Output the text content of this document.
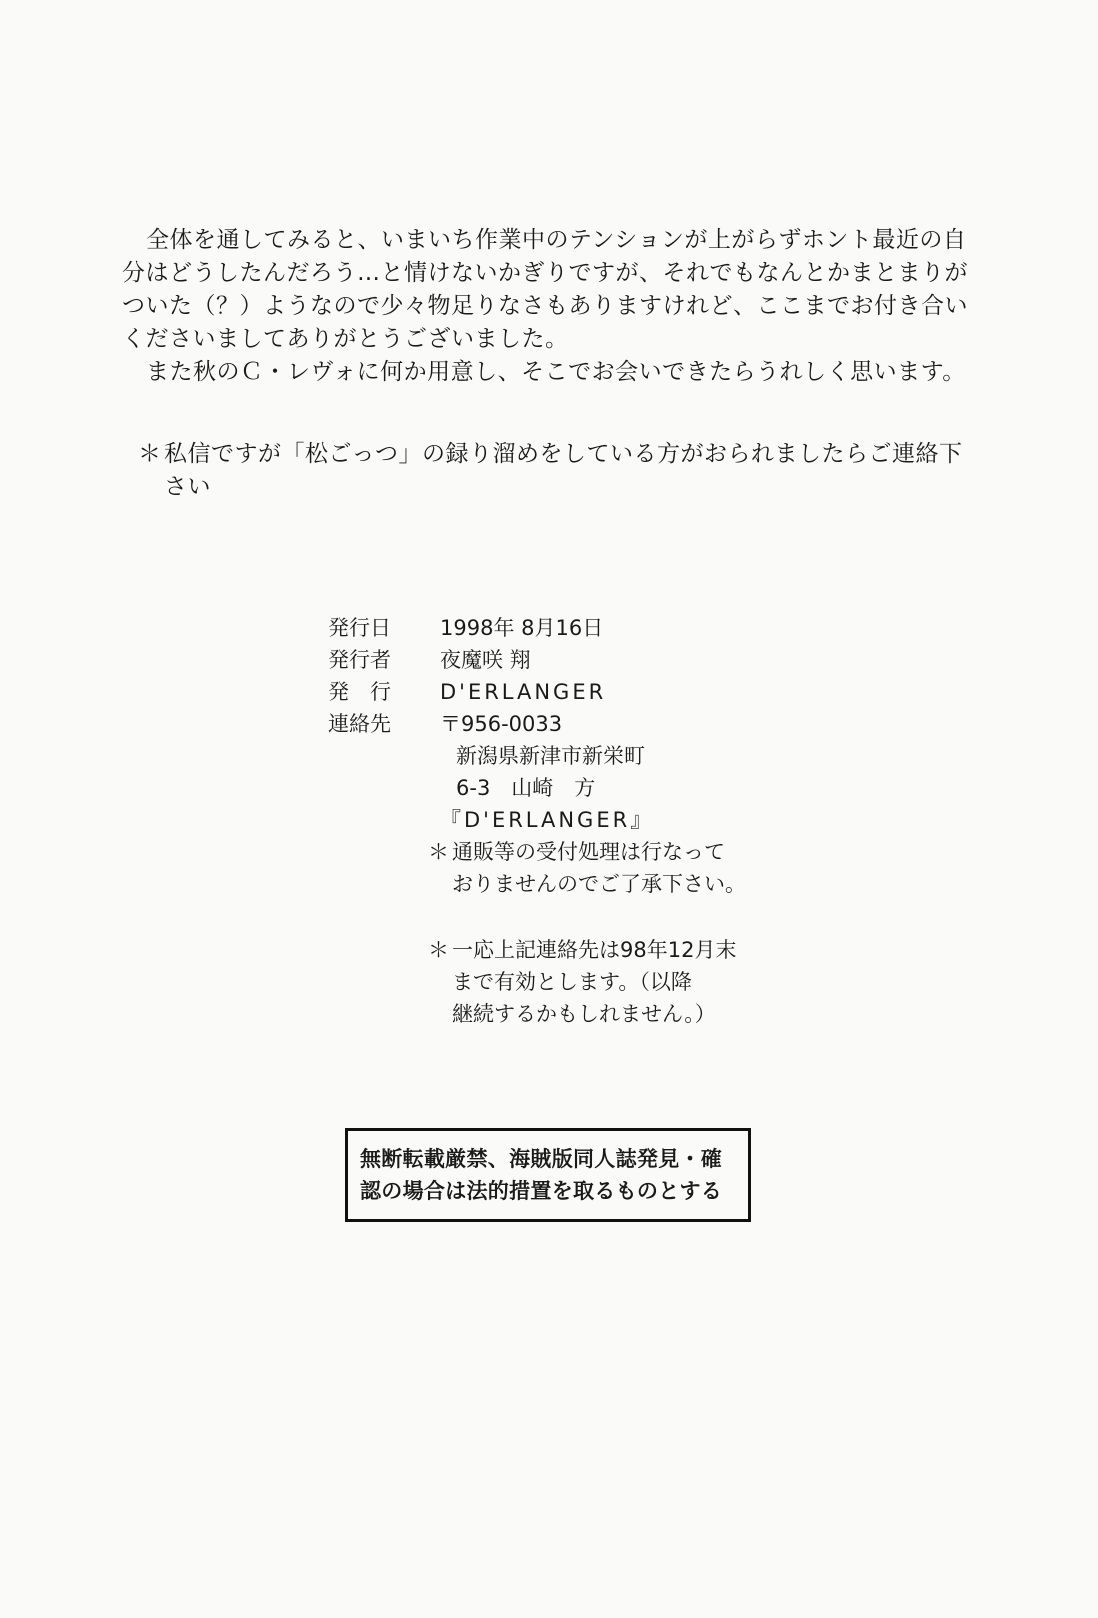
全体を通してみると、いまいち作業中のテンションが上がらずホント最近の自分はどうしたんだろう…と情けないかぎりですが、それでもなんとかまとまりがついた（？）ようなので少々物足りなさもありますけれど、ここまでお付き合いくださいましてありがとうございました。

また秋のＣ・レヴォに何か用意し、そこでお会いできたらうれしく思います。

＊ 私信ですが「松ごっつ」の録り溜めをしている方がおられましたらご連絡下
さい
発行日	1998年 8月16日
発行者	夜魔咲 翔
発　行	D'ERLANGER
連絡先	〒956-0033
新潟県新津市新栄町
6-3　山崎　方
『D'ERLANGER』
＊ 通販等の受付処理は行なって
おりませんのでご了承下さい。
＊ 一応上記連絡先は98年12月末
まで有効とします。（以降
継続するかもしれません。）
無断転載厳禁、海賊版同人誌発見・確
認の場合は法的措置を取るものとする
